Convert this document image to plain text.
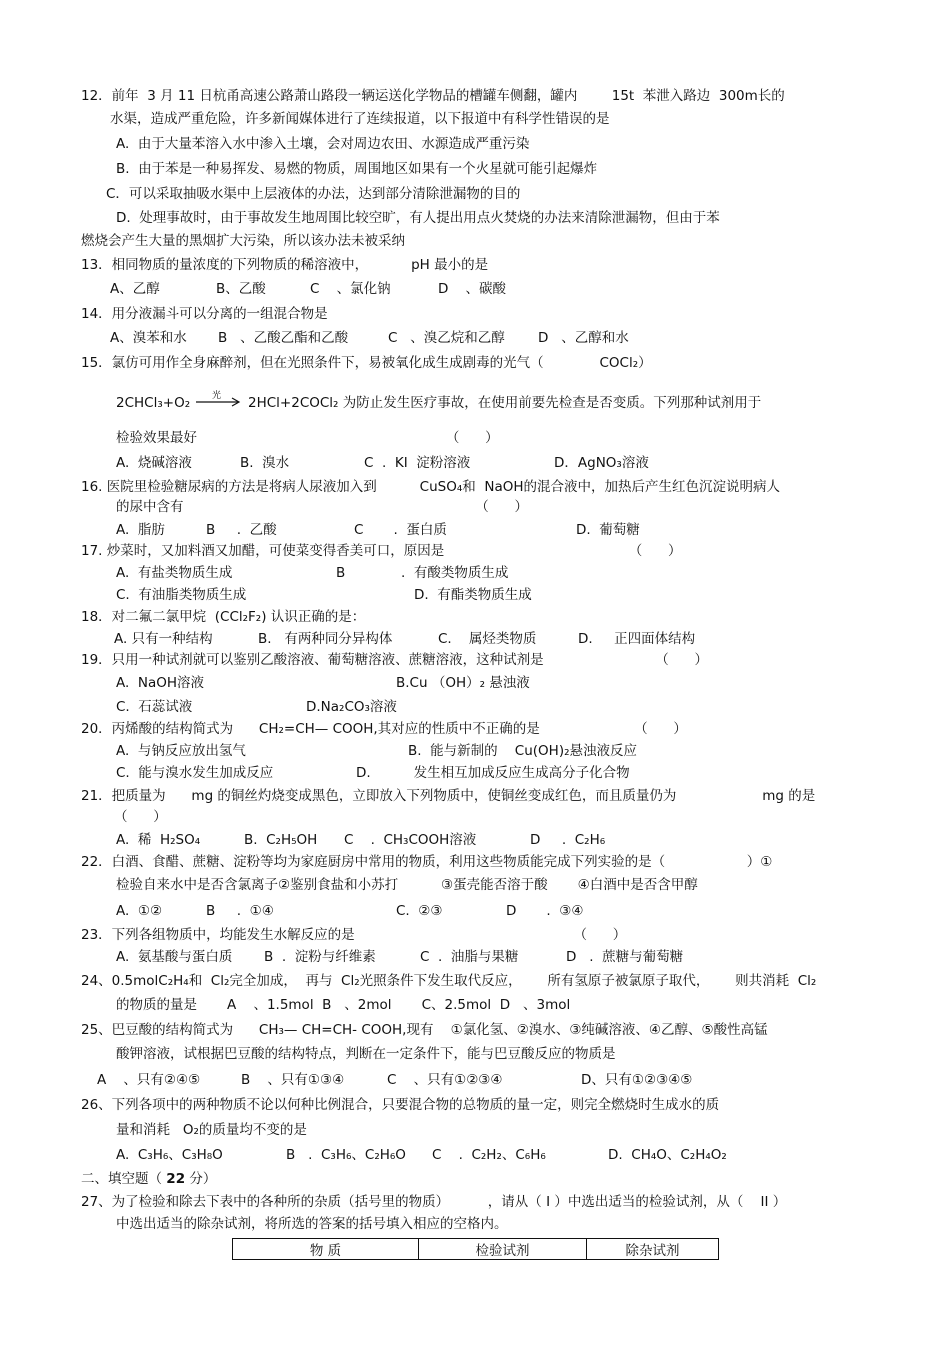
12．前年  3 月 11 日杭甬高速公路萧山路段一辆运送化学物品的槽罐车侧翻，罐内        15t  苯泄入路边  300m长的
水渠，造成严重危险，许多新闻媒体进行了连续报道，以下报道中有科学性错误的是
A.  由于大量苯溶入水中渗入土壤，会对周边农田、水源造成严重污染
B.  由于苯是一种易挥发、易燃的物质，周围地区如果有一个火星就可能引起爆炸
C．可以采取抽吸水渠中上层液体的办法，达到部分清除泄漏物的目的
D.  处理事故时，由于事故发生地周围比较空旷，有人提出用点火焚烧的办法来清除泄漏物，但由于苯
燃烧会产生大量的黑烟扩大污染，所以该办法未被采纳
13．相同物质的量浓度的下列物质的稀溶液中，          pH 最小的是
A、乙醇	B、乙酸	C    、氯化钠	D    、碳酸
14．用分液漏斗可以分离的一组混合物是
A、溴苯和水	B   、乙酸乙酯和乙酸	C   、溴乙烷和乙醇	D   、乙醇和水
15．氯仿可用作全身麻醉剂，但在光照条件下，易被氧化成生成剧毒的光气（             COCl₂）
2CHCl₃+O₂ 光 2HCl+2COCl₂ 为防止发生医疗事故，在使用前要先检查是否变质。下列那种试剂用于
检验效果最好                                                          （      ）
A.  烧碱溶液	B.  溴水	C  .  KI  淀粉溶液	D．AgNO₃溶液
16. 医院里检验糖尿病的方法是将病人尿液加入到          CuSO₄和  NaOH的混合液中，加热后产生红色沉淀说明病人
的尿中含有                                                                    （      ）
A.  脂肪	B     .  乙酸	C       .  蛋白质	D.  葡萄糖
17. 炒菜时，又加料酒又加醋，可使菜变得香美可口，原因是                                           （      ）
A.  有盐类物质生成	B             .  有酸类物质生成
C.  有油脂类物质生成	D.  有酯类物质生成
18．对二氟二氯甲烷  (CCl₂F₂) 认识正确的是：
A. 只有一种结构	B.   有两种同分异构体	C.    属烃类物质	D.     正四面体结构
19．只用一种试剂就可以鉴别乙酸溶液、葡萄糖溶液、蔗糖溶液，这种试剂是                          （      ）
A.  NaOH溶液	B.Cu （OH）₂ 悬浊液
C.  石蕊试液	D.Na₂CO₃溶液
20．丙烯酸的结构简式为      CH₂=CH— COOH,其对应的性质中不正确的是                      （      ）
A.  与钠反应放出氢气	B.  能与新制的    Cu(OH)₂悬浊液反应
C.  能与溴水发生加成反应	D.          发生相互加成反应生成高分子化合物
21．把质量为      mg 的铜丝灼烧变成黑色，立即放入下列物质中，使铜丝变成红色，而且质量仍为                    mg 的是
（      ）
A.  稀  H₂SO₄	B.  C₂H₅OH	C    .  CH₃COOH溶液	D     .  C₂H₆
22．白酒、食醋、蔗糖、淀粉等均为家庭厨房中常用的物质，利用这些物质能完成下列实验的是（                   ）①
检验自来水中是否含氯离子②鉴别食盐和小苏打          ③蛋壳能否溶于酸       ④白酒中是否含甲醇
A.  ①②	B     .  ①④	C.  ②③	D       .  ③④
23．下列各组物质中，均能发生水解反应的是                                                   （      ）
A.  氨基酸与蛋白质	B  .  淀粉与纤维素	C  .  油脂与果糖	D   .  蔗糖与葡萄糖
24、0.5molC₂H₄和  Cl₂完全加成，  再与  Cl₂光照条件下发生取代反应，      所有氢原子被氯原子取代，      则共消耗  Cl₂
的物质的量是       A    、1.5mol  B   、2mol       C、2.5mol  D   、3mol
25、巴豆酸的结构简式为      CH₃— CH=CH- COOH,现有    ①氯化氢、②溴水、③纯碱溶液、④乙醇、⑤酸性高锰
酸钾溶液，试根据巴豆酸的结构特点，判断在一定条件下，能与巴豆酸反应的物质是
A    、只有②④⑤	B    、只有①③④	C    、只有①②③④	D、只有①②③④⑤
26、下列各项中的两种物质不论以何种比例混合，只要混合物的总物质的量一定，则完全燃烧时生成水的质
量和消耗   O₂的质量均不变的是
A.  C₃H₆、C₃H₈O	B   .  C₃H₆、C₂H₆O	C    .  C₂H₂、C₆H₆	D.  CH₄O、C₂H₄O₂
二、填空题（ 22 分）
27、为了检验和除去下表中的各种所的杂质（括号里的物质）         ，请从（ I ）中选出适当的检验试剂，从（    II ）
中选出适当的除杂试剂，将所选的答案的括号填入相应的空格内。
物 质	检验试剂	除杂试剂
